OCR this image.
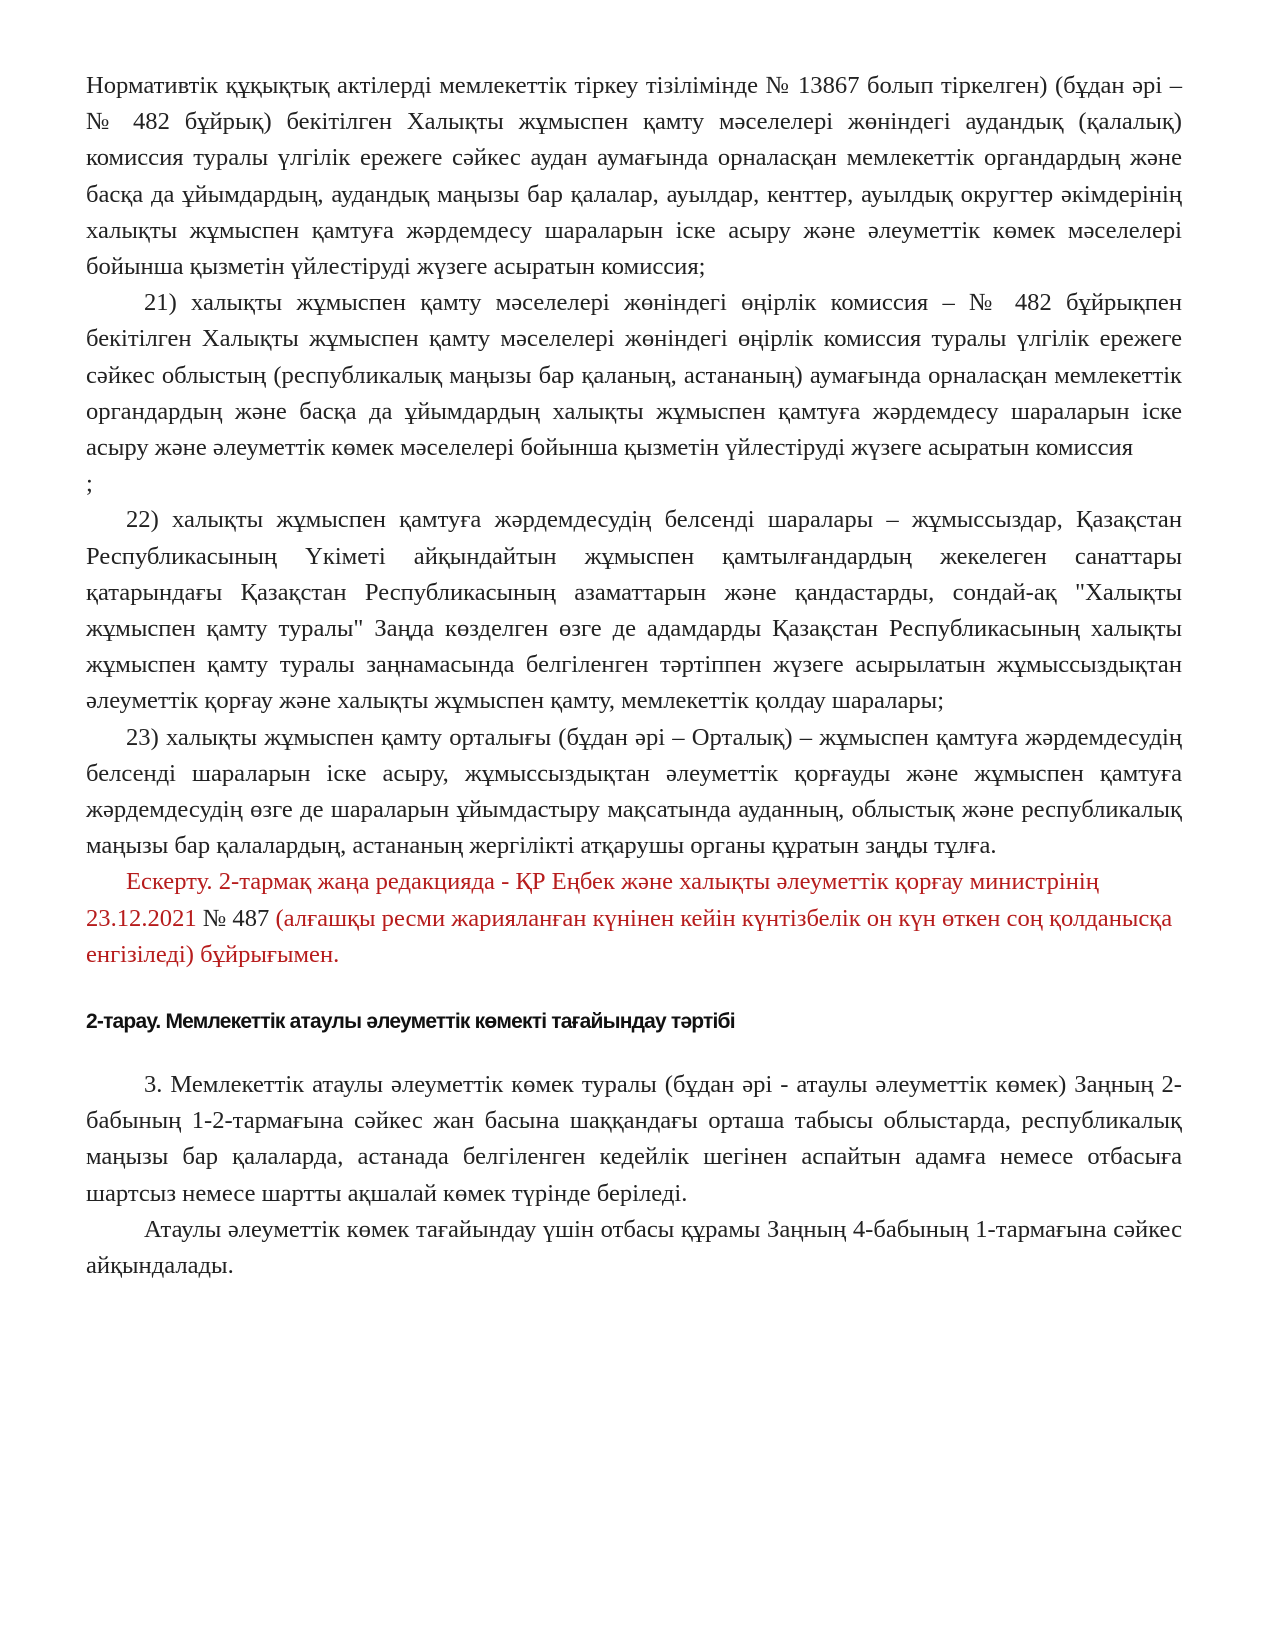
Нормативтік құқықтық актілерді мемлекеттік тіркеу тізілімінде № 13867 болып тіркелген) (бұдан әрі – № 482 бұйрық) бекітілген Халықты жұмыспен қамту мәселелері жөніндегі аудандық (қалалық) комиссия туралы үлгілік ережеге сәйкес аудан аумағында орналасқан мемлекеттік органдардың және басқа да ұйымдардың, аудандық маңызы бар қалалар, ауылдар, кенттер, ауылдық округтер әкімдерінің халықты жұмыспен қамтуға жәрдемдесу шараларын іске асыру және әлеуметтік көмек мәселелері бойынша қызметін үйлестіруді жүзеге асыратын комиссия;

21) халықты жұмыспен қамту мәселелері жөніндегі өңірлік комиссия – № 482 бұйрықпен бекітілген Халықты жұмыспен қамту мәселелері жөніндегі өңірлік комиссия туралы үлгілік ережеге сәйкес облыстың (республикалық маңызы бар қаланың, астананың) аумағында орналасқан мемлекеттік органдардың және басқа да ұйымдардың халықты жұмыспен қамтуға жәрдемдесу шараларын іске асыру және әлеуметтік көмек мәселелері бойынша қызметін үйлестіруді жүзеге асыратын комиссия

;

22) халықты жұмыспен қамтуға жәрдемдесудің белсенді шаралары – жұмыссыздар, Қазақстан Республикасының Үкіметі айқындайтын жұмыспен қамтылғандардың жекелеген санаттары қатарындағы Қазақстан Республикасының азаматтарын және қандастарды, сондай-ақ "Халықты жұмыспен қамту туралы" Заңда көзделген өзге де адамдарды Қазақстан Республикасының халықты жұмыспен қамту туралы заңнамасында белгіленген тәртіппен жүзеге асырылатын жұмыссыздықтан әлеуметтік қорғау және халықты жұмыспен қамту, мемлекеттік қолдау шаралары;

23) халықты жұмыспен қамту орталығы (бұдан әрі – Орталық) – жұмыспен қамтуға жәрдемдесудің белсенді шараларын іске асыру, жұмыссыздықтан әлеуметтік қорғауды және жұмыспен қамтуға жәрдемдесудің өзге де шараларын ұйымдастыру мақсатында ауданның, облыстық және республикалық маңызы бар қалалардың, астананың жергілікті атқарушы органы құратын заңды тұлға.

Ескерту. 2-тармақ жаңа редакцияда - ҚР Еңбек және халықты әлеуметтік қорғау министрінің 23.12.2021 № 487 (алғашқы ресми жарияланған күнінен кейін күнтізбелік он күн өткен соң қолданысқа енгізіледі) бұйрығымен.

2-тарау. Мемлекеттік атаулы әлеуметтік көмекті тағайындау тәртібі

3. Мемлекеттік атаулы әлеуметтік көмек туралы (бұдан әрі - атаулы әлеуметтік көмек) Заңның 2-бабының 1-2-тармағына сәйкес жан басына шаққандағы орташа табысы облыстарда, республикалық маңызы бар қалаларда, астанада белгіленген кедейлік шегінен аспайтын адамға немесе отбасыға шартсыз немесе шартты ақшалай көмек түрінде беріледі.

Атаулы әлеуметтік көмек тағайындау үшін отбасы құрамы Заңның 4-бабының 1-тармағына сәйкес айқындалады.
